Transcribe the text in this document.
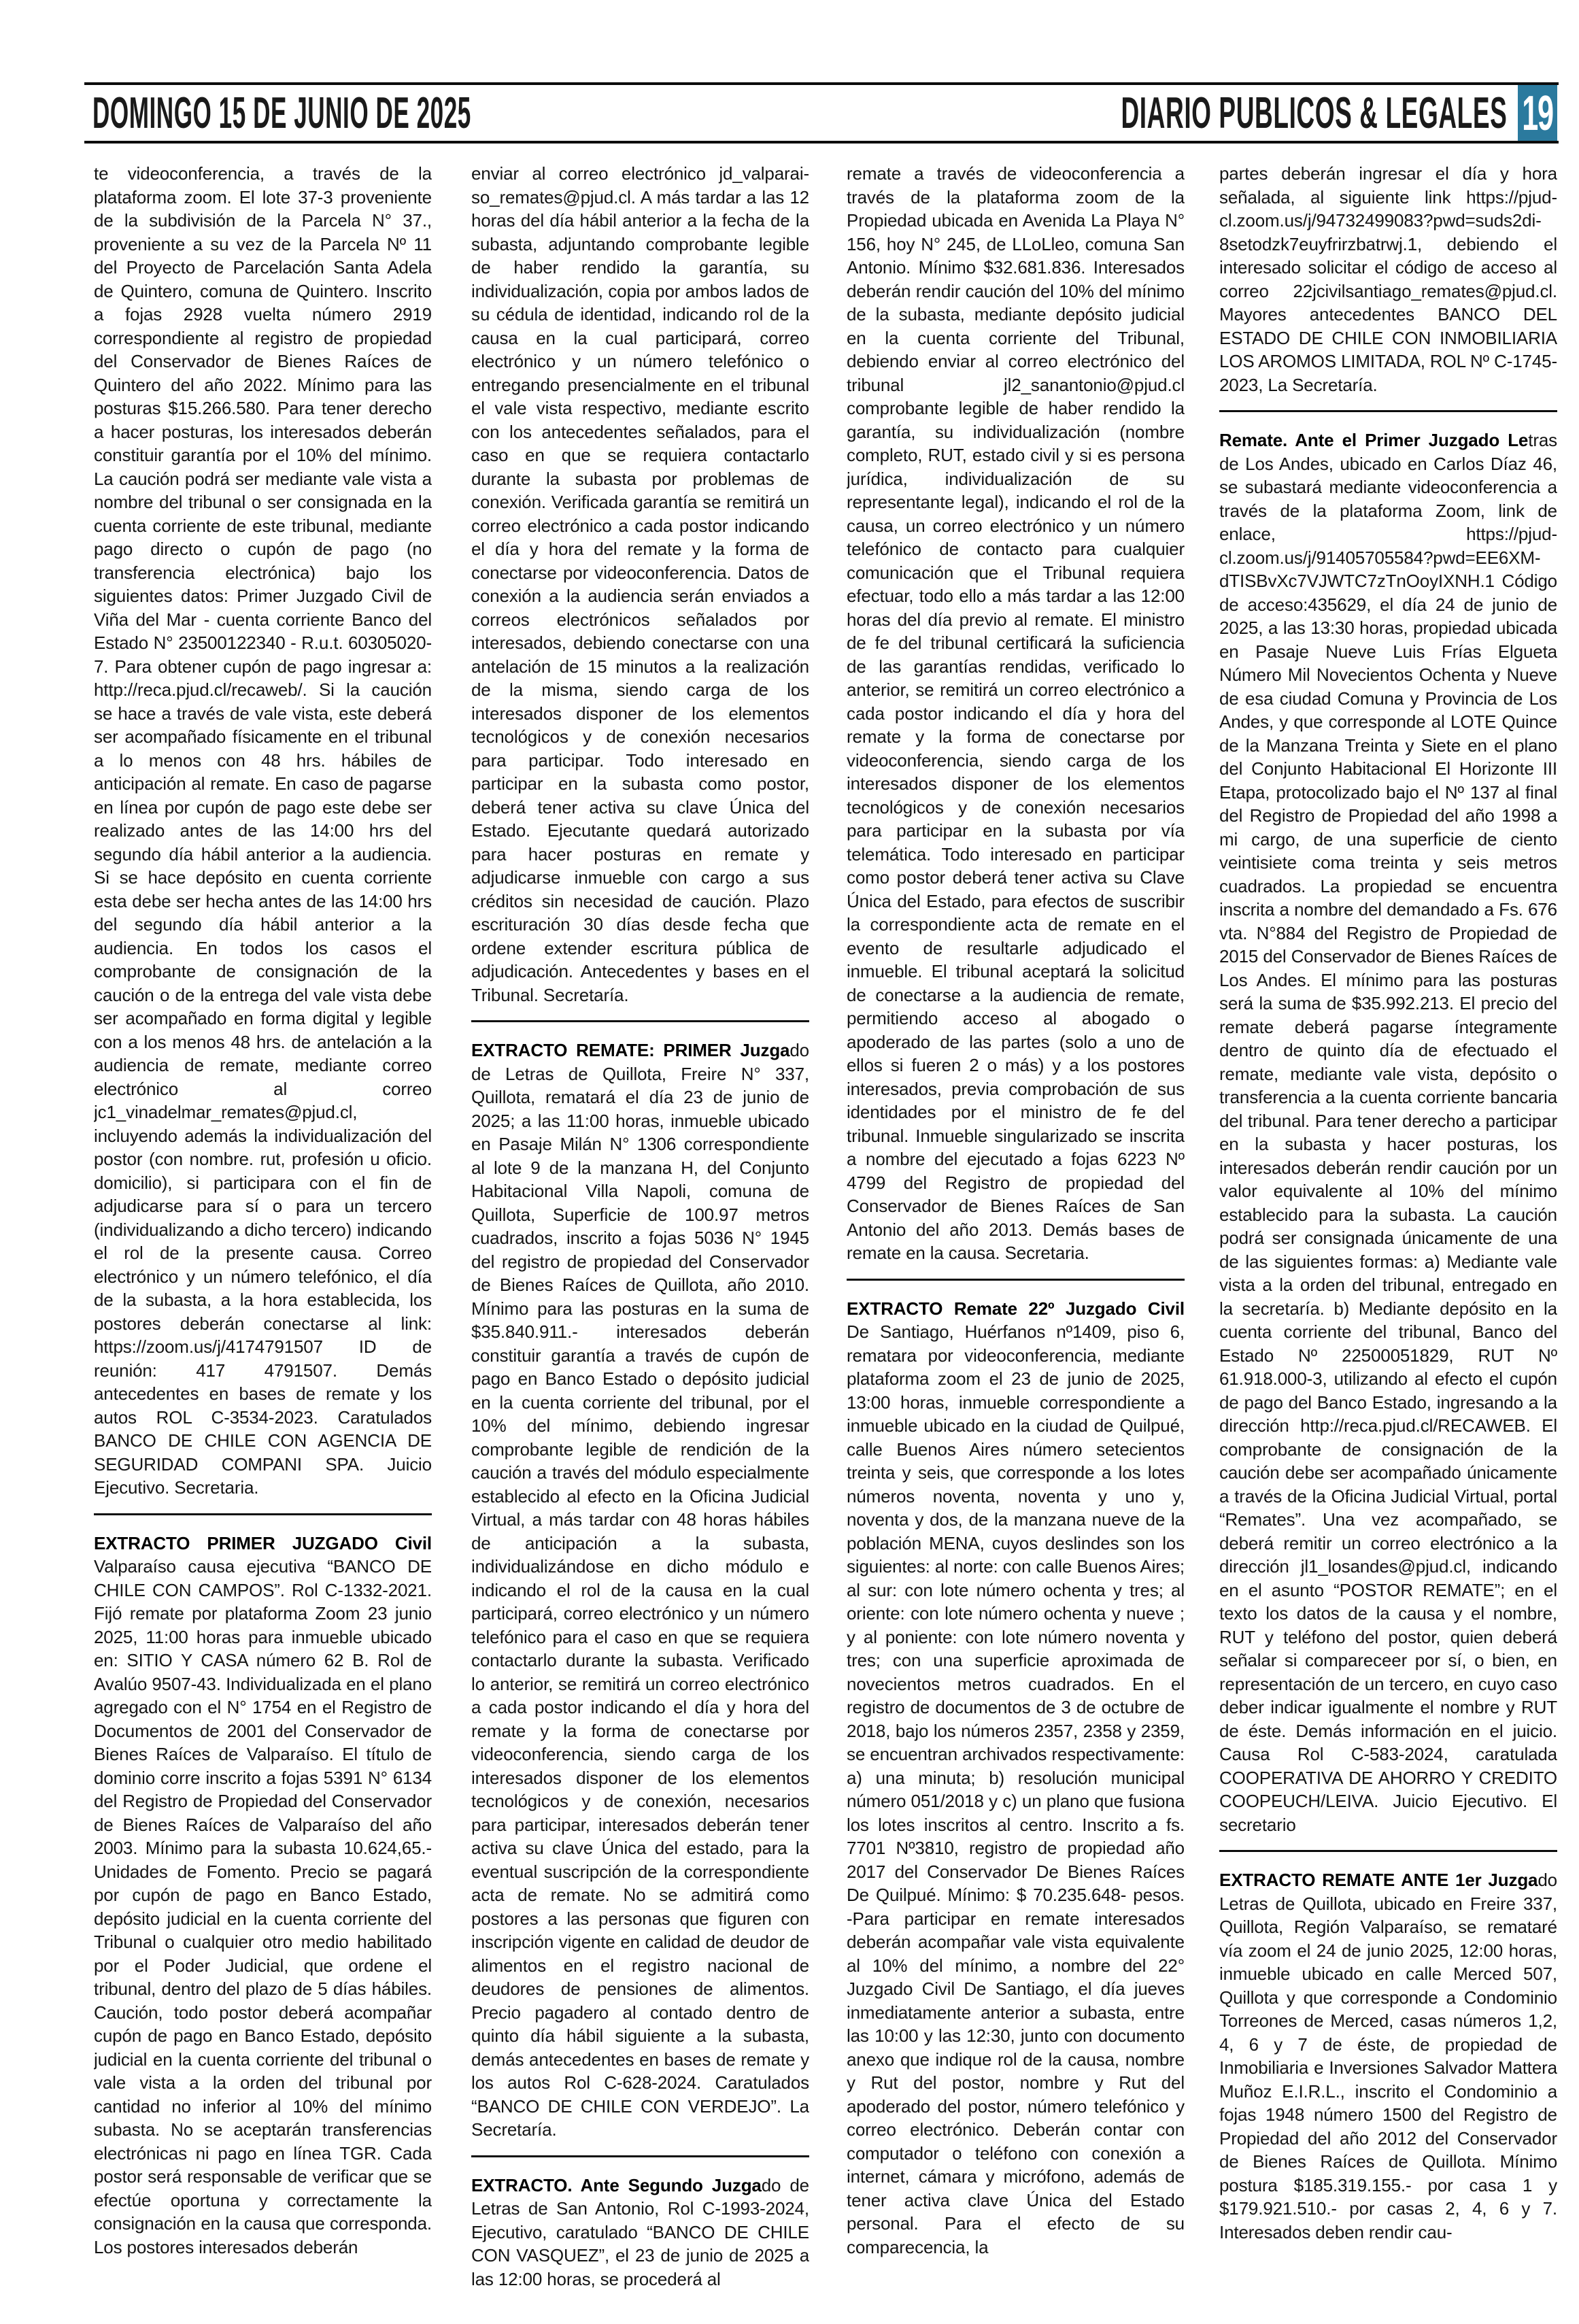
DOMINGO 15 DE JUNIO DE 2025	DIARIO PUBLICOS & LEGALES 19

te videoconferencia, a través de la plataforma zoom. El lote 37-3 proveniente de la subdivisión de la Parcela N° 37., proveniente a su vez de la Parcela Nº 11 del Proyecto de Parcelación Santa Adela de Quintero, comuna de Quintero. Inscrito a fojas 2928 vuelta número 2919 correspondiente al registro de propiedad del Conservador de Bienes Raíces de Quintero del año 2022. Mínimo para las posturas $15.266.580. Para tener derecho a hacer posturas, los interesados deberán constituir garantía por el 10% del mínimo. La caución podrá ser mediante vale vista a nombre del tribunal o ser consignada en la cuenta corriente de este tribunal, mediante pago directo o cupón de pago (no transferencia electrónica) bajo los siguientes datos: Primer Juzgado Civil de Viña del Mar - cuenta corriente Banco del Estado N° 23500122340 - R.u.t. 60305020-7. Para obtener cupón de pago ingresar a: http://reca.pjud.cl/recaweb/. Si la caución se hace a través de vale vista, este deberá ser acompañado físicamente en el tribunal a lo menos con 48 hrs. hábiles de anticipación al remate. En caso de pagarse en línea por cupón de pago este debe ser realizado antes de las 14:00 hrs del segundo día hábil anterior a la audiencia. Si se hace depósito en cuenta corriente esta debe ser hecha antes de las 14:00 hrs del segundo día hábil anterior a la audiencia. En todos los casos el comprobante de consignación de la caución o de la entrega del vale vista debe ser acompañado en forma digital y legible con a los menos 48 hrs. de antelación a la audiencia de remate, mediante correo electrónico al correo jc1_vinadelmar_remates@pjud.cl, incluyendo además la individualización del postor (con nombre. rut, profesión u oficio. domicilio), si participara con el fin de adjudicarse para sí o para un tercero (individualizando a dicho tercero) indicando el rol de la presente causa. Correo electrónico y un número telefónico, el día de la subasta, a la hora establecida, los postores deberán conectarse al link: https://zoom.us/j/4174791507 ID de reunión: 417 4791507. Demás antecedentes en bases de remate y los autos ROL C-3534-2023. Caratulados BANCO DE CHILE CON AGENCIA DE SEGURIDAD COMPANI SPA. Juicio Ejecutivo. Secretaria.

EXTRACTO PRIMER JUZGADO Civil Valparaíso causa ejecutiva “BANCO DE CHILE CON CAMPOS”. Rol C-1332-2021. Fijó remate por plataforma Zoom 23 junio 2025, 11:00 horas para inmueble ubicado en: SITIO Y CASA número 62 B. Rol de Avalúo 9507-43. Individualizada en el plano agregado con el N° 1754 en el Registro de Documentos de 2001 del Conservador de Bienes Raíces de Valparaíso. El título de dominio corre inscrito a fojas 5391 N° 6134 del Registro de Propiedad del Conservador de Bienes Raíces de Valparaíso del año 2003. Mínimo para la subasta 10.624,65.- Unidades de Fomento. Precio se pagará por cupón de pago en Banco Estado, depósito judicial en la cuenta corriente del Tribunal o cualquier otro medio habilitado por el Poder Judicial, que ordene el tribunal, dentro del plazo de 5 días hábiles. Caución, todo postor deberá acompañar cupón de pago en Banco Estado, depósito judicial en la cuenta corriente del tribunal o vale vista a la orden del tribunal por cantidad no inferior al 10% del mínimo subasta. No se aceptarán transferencias electrónicas ni pago en línea TGR. Cada postor será responsable de verificar que se efectúe oportuna y correctamente la consignación en la causa que corresponda. Los postores interesados deberán

enviar al correo electrónico jd_valparai-so_remates@pjud.cl. A más tardar a las 12 horas del día hábil anterior a la fecha de la subasta, adjuntando comprobante legible de haber rendido la garantía, su individualización, copia por ambos lados de su cédula de identidad, indicando rol de la causa en la cual participará, correo electrónico y un número telefónico o entregando presencialmente en el tribunal el vale vista respectivo, mediante escrito con los antecedentes señalados, para el caso en que se requiera contactarlo durante la subasta por problemas de conexión. Verificada garantía se remitirá un correo electrónico a cada postor indicando el día y hora del remate y la forma de conectarse por videoconferencia. Datos de conexión a la audiencia serán enviados a correos electrónicos señalados por interesados, debiendo conectarse con una antelación de 15 minutos a la realización de la misma, siendo carga de los interesados disponer de los elementos tecnológicos y de conexión necesarios para participar. Todo interesado en participar en la subasta como postor, deberá tener activa su clave Única del Estado. Ejecutante quedará autorizado para hacer posturas en remate y adjudicarse inmueble con cargo a sus créditos sin necesidad de caución. Plazo escrituración 30 días desde fecha que ordene extender escritura pública de adjudicación. Antecedentes y bases en el Tribunal. Secretaría.

EXTRACTO REMATE: PRIMER Juzgado de Letras de Quillota, Freire N° 337, Quillota, rematará el día 23 de junio de 2025; a las 11:00 horas, inmueble ubicado en Pasaje Milán N° 1306 correspondiente al lote 9 de la manzana H, del Conjunto Habitacional Villa Napoli, comuna de Quillota, Superficie de 100.97 metros cuadrados, inscrito a fojas 5036 N° 1945 del registro de propiedad del Conservador de Bienes Raíces de Quillota, año 2010. Mínimo para las posturas en la suma de $35.840.911.- interesados deberán constituir garantía a través de cupón de pago en Banco Estado o depósito judicial en la cuenta corriente del tribunal, por el 10% del mínimo, debiendo ingresar comprobante legible de rendición de la caución a través del módulo especialmente establecido al efecto en la Oficina Judicial Virtual, a más tardar con 48 horas hábiles de anticipación a la subasta, individualizándose en dicho módulo e indicando el rol de la causa en la cual participará, correo electrónico y un número telefónico para el caso en que se requiera contactarlo durante la subasta. Verificado lo anterior, se remitirá un correo electrónico a cada postor indicando el día y hora del remate y la forma de conectarse por videoconferencia, siendo carga de los interesados disponer de los elementos tecnológicos y de conexión, necesarios para participar, interesados deberán tener activa su clave Única del estado, para la eventual suscripción de la correspondiente acta de remate. No se admitirá como postores a las personas que figuren con inscripción vigente en calidad de deudor de alimentos en el registro nacional de deudores de pensiones de alimentos. Precio pagadero al contado dentro de quinto día hábil siguiente a la subasta, demás antecedentes en bases de remate y los autos Rol C-628-2024. Caratulados “BANCO DE CHILE CON VERDEJO”. La Secretaría.

EXTRACTO. Ante Segundo Juzgado de Letras de San Antonio, Rol C-1993-2024, Ejecutivo, caratulado “BANCO DE CHILE CON VASQUEZ”, el 23 de junio de 2025 a las 12:00 horas, se procederá al

remate a través de videoconferencia a través de la plataforma zoom de la Propiedad ubicada en Avenida La Playa N° 156, hoy N° 245, de LLoLleo, comuna San Antonio. Mínimo $32.681.836. Interesados deberán rendir caución del 10% del mínimo de la subasta, mediante depósito judicial en la cuenta corriente del Tribunal, debiendo enviar al correo electrónico del tribunal jl2_sanantonio@pjud.cl comprobante legible de haber rendido la garantía, su individualización (nombre completo, RUT, estado civil y si es persona jurídica, individualización de su representante legal), indicando el rol de la causa, un correo electrónico y un número telefónico de contacto para cualquier comunicación que el Tribunal requiera efectuar, todo ello a más tardar a las 12:00 horas del día previo al remate. El ministro de fe del tribunal certificará la suficiencia de las garantías rendidas, verificado lo anterior, se remitirá un correo electrónico a cada postor indicando el día y hora del remate y la forma de conectarse por videoconferencia, siendo carga de los interesados disponer de los elementos tecnológicos y de conexión necesarios para participar en la subasta por vía telemática. Todo interesado en participar como postor deberá tener activa su Clave Única del Estado, para efectos de suscribir la correspondiente acta de remate en el evento de resultarle adjudicado el inmueble. El tribunal aceptará la solicitud de conectarse a la audiencia de remate, permitiendo acceso al abogado o apoderado de las partes (solo a uno de ellos si fueren 2 o más) y a los postores interesados, previa comprobación de sus identidades por el ministro de fe del tribunal. Inmueble singularizado se inscrita a nombre del ejecutado a fojas 6223 Nº 4799 del Registro de propiedad del Conservador de Bienes Raíces de San Antonio del año 2013. Demás bases de remate en la causa. Secretaria.

EXTRACTO Remate 22º Juzgado Civil De Santiago, Huérfanos nº1409, piso 6, rematara por videoconferencia, mediante plataforma zoom el 23 de junio de 2025, 13:00 horas, inmueble correspondiente a inmueble ubicado en la ciudad de Quilpué, calle Buenos Aires número setecientos treinta y seis, que corresponde a los lotes números noventa, noventa y uno y, noventa y dos, de la manzana nueve de la población MENA, cuyos deslindes son los siguientes: al norte: con calle Buenos Aires; al sur: con lote número ochenta y tres; al oriente: con lote número ochenta y nueve ; y al poniente: con lote número noventa y tres; con una superficie aproximada de novecientos metros cuadrados. En el registro de documentos de 3 de octubre de 2018, bajo los números 2357, 2358 y 2359, se encuentran archivados respectivamente: a) una minuta; b) resolución municipal número 051/2018 y c) un plano que fusiona los lotes inscritos al centro. Inscrito a fs. 7701 Nº3810, registro de propiedad año 2017 del Conservador De Bienes Raíces De Quilpué. Mínimo: $ 70.235.648- pesos. -Para participar en remate interesados deberán acompañar vale vista equivalente al 10% del mínimo, a nombre del 22° Juzgado Civil De Santiago, el día jueves inmediatamente anterior a subasta, entre las 10:00 y las 12:30, junto con documento anexo que indique rol de la causa, nombre y Rut del postor, nombre y Rut del apoderado del postor, número telefónico y correo electrónico. Deberán contar con computador o teléfono con conexión a internet, cámara y micrófono, además de tener activa clave Única del Estado personal. Para el efecto de su comparecencia, la

partes deberán ingresar el día y hora señalada, al siguiente link https://pjud-cl.zoom.us/j/94732499083?pwd=suds2di-8setodzk7euyfrirzbatrwj.1, debiendo el interesado solicitar el código de acceso al correo 22jcivilsantiago_remates@pjud.cl. Mayores antecedentes BANCO DEL ESTADO DE CHILE CON INMOBILIARIA LOS AROMOS LIMITADA, ROL Nº C-1745-2023, La Secretaría.

Remate. Ante el Primer Juzgado Letras de Los Andes, ubicado en Carlos Díaz 46, se subastará mediante videoconferencia a través de la plataforma Zoom, link de enlace, https://pjud-cl.zoom.us/j/91405705584?pwd=EE6XM-dTISBvXc7VJWTC7zTnOoyIXNH.1 Código de acceso:435629, el día 24 de junio de 2025, a las 13:30 horas, propiedad ubicada en Pasaje Nueve Luis Frías Elgueta Número Mil Novecientos Ochenta y Nueve de esa ciudad Comuna y Provincia de Los Andes, y que corresponde al LOTE Quince de la Manzana Treinta y Siete en el plano del Conjunto Habitacional El Horizonte III Etapa, protocolizado bajo el Nº 137 al final del Registro de Propiedad del año 1998 a mi cargo, de una superficie de ciento veintisiete coma treinta y seis metros cuadrados. La propiedad se encuentra inscrita a nombre del demandado a Fs. 676 vta. N°884 del Registro de Propiedad de 2015 del Conservador de Bienes Raíces de Los Andes. El mínimo para las posturas será la suma de $35.992.213. El precio del remate deberá pagarse íntegramente dentro de quinto día de efectuado el remate, mediante vale vista, depósito o transferencia a la cuenta corriente bancaria del tribunal. Para tener derecho a participar en la subasta y hacer posturas, los interesados deberán rendir caución por un valor equivalente al 10% del mínimo establecido para la subasta. La caución podrá ser consignada únicamente de una de las siguientes formas: a) Mediante vale vista a la orden del tribunal, entregado en la secretaría. b) Mediante depósito en la cuenta corriente del tribunal, Banco del Estado Nº 22500051829, RUT Nº 61.918.000-3, utilizando al efecto el cupón de pago del Banco Estado, ingresando a la dirección http://reca.pjud.cl/RECAWEB. El comprobante de consignación de la caución debe ser acompañado únicamente a través de la Oficina Judicial Virtual, portal “Remates”. Una vez acompañado, se deberá remitir un correo electrónico a la dirección jl1_losandes@pjud.cl, indicando en el asunto “POSTOR REMATE”; en el texto los datos de la causa y el nombre, RUT y teléfono del postor, quien deberá señalar si compareceer por sí, o bien, en representación de un tercero, en cuyo caso deber indicar igualmente el nombre y RUT de éste. Demás información en el juicio. Causa Rol C-583-2024, caratulada COOPERATIVA DE AHORRO Y CREDITO COOPEUCH/LEIVA. Juicio Ejecutivo. El secretario

EXTRACTO REMATE ANTE 1er Juzgado Letras de Quillota, ubicado en Freire 337, Quillota, Región Valparaíso, se remataré vía zoom el 24 de junio 2025, 12:00 horas, inmueble ubicado en calle Merced 507, Quillota y que corresponde a Condominio Torreones de Merced, casas números 1,2, 4, 6 y 7 de éste, de propiedad de Inmobiliaria e Inversiones Salvador Mattera Muñoz E.I.R.L., inscrito el Condominio a fojas 1948 número 1500 del Registro de Propiedad del año 2012 del Conservador de Bienes Raíces de Quillota. Mínimo postura $185.319.155.- por casa 1 y $179.921.510.- por casas 2, 4, 6 y 7. Interesados deben rendir cau-
